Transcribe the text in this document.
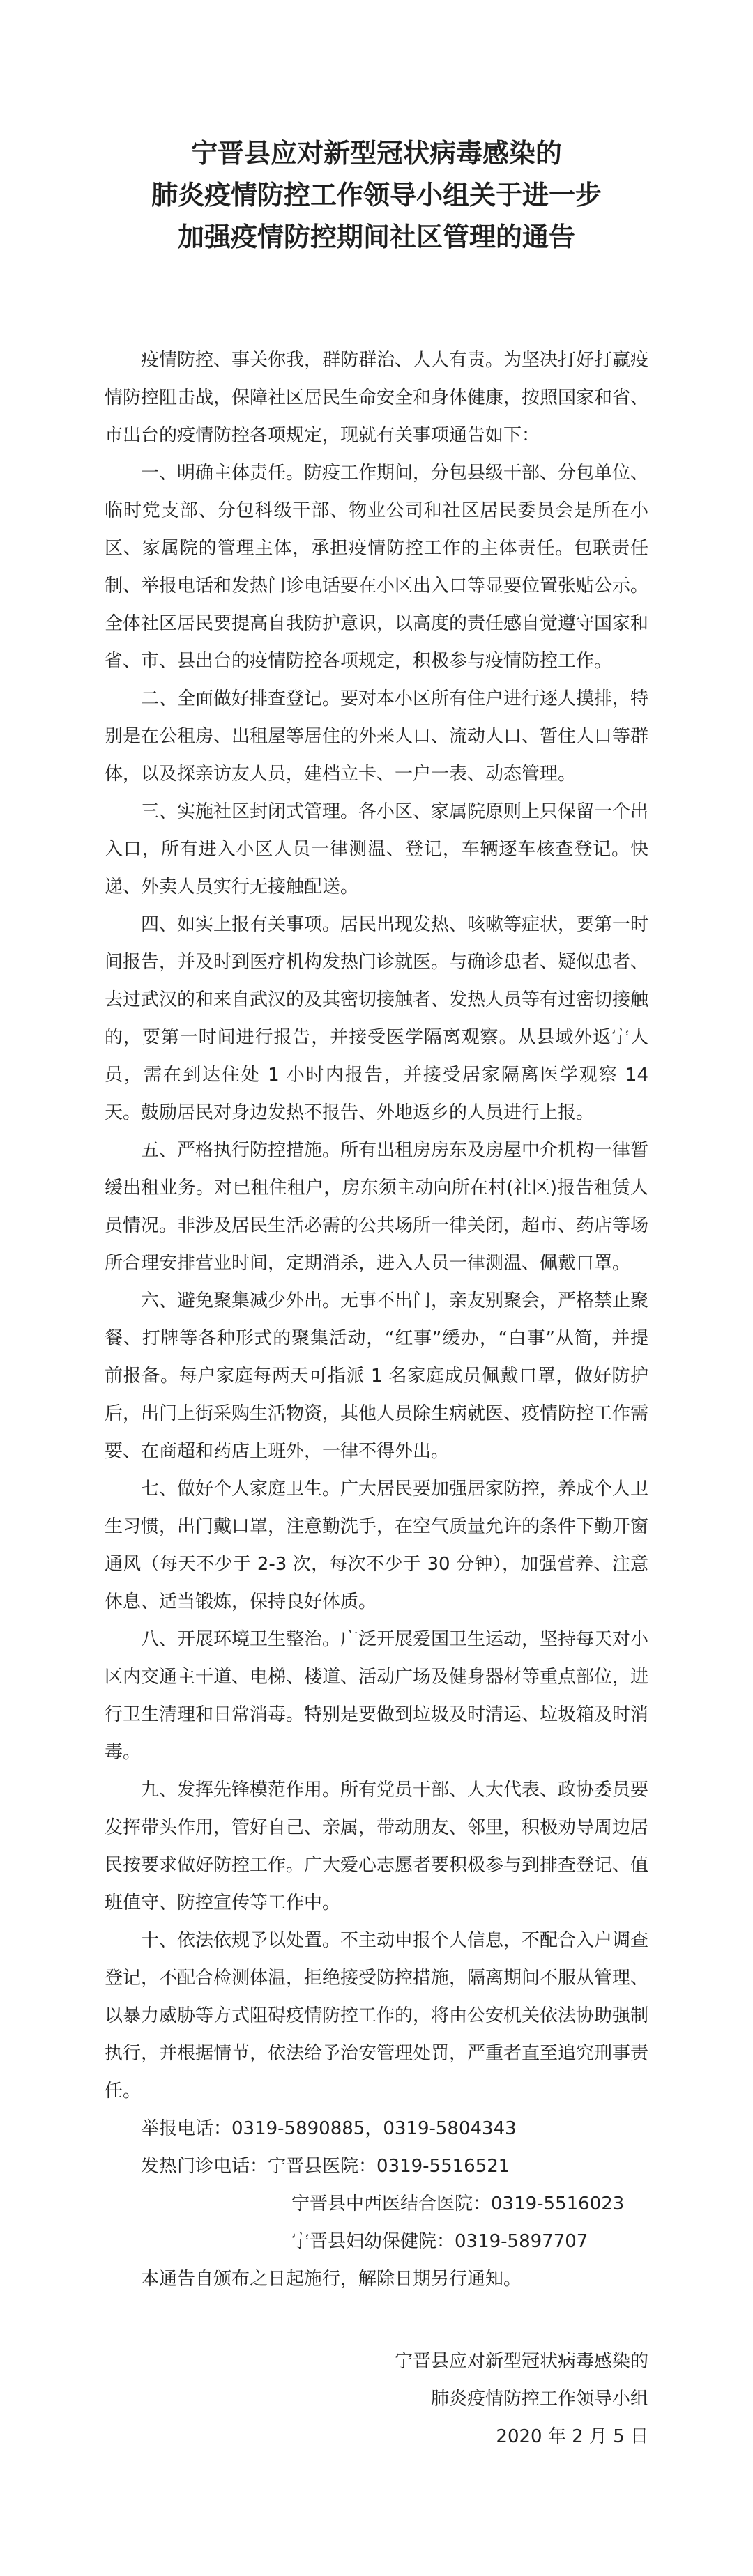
宁晋县应对新型冠状病毒感染的
肺炎疫情防控工作领导小组关于进一步
加强疫情防控期间社区管理的通告

疫情防控、事关你我，群防群治、人人有责。为坚决打好打赢疫情防控阻击战，保障社区居民生命安全和身体健康，按照国家和省、市出台的疫情防控各项规定，现就有关事项通告如下：

一、明确主体责任。防疫工作期间，分包县级干部、分包单位、临时党支部、分包科级干部、物业公司和社区居民委员会是所在小区、家属院的管理主体，承担疫情防控工作的主体责任。包联责任制、举报电话和发热门诊电话要在小区出入口等显要位置张贴公示。全体社区居民要提高自我防护意识，以高度的责任感自觉遵守国家和省、市、县出台的疫情防控各项规定，积极参与疫情防控工作。

二、全面做好排查登记。要对本小区所有住户进行逐人摸排，特别是在公租房、出租屋等居住的外来人口、流动人口、暂住人口等群体，以及探亲访友人员，建档立卡、一户一表、动态管理。

三、实施社区封闭式管理。各小区、家属院原则上只保留一个出入口，所有进入小区人员一律测温、登记，车辆逐车核查登记。快递、外卖人员实行无接触配送。

四、如实上报有关事项。居民出现发热、咳嗽等症状，要第一时间报告，并及时到医疗机构发热门诊就医。与确诊患者、疑似患者、去过武汉的和来自武汉的及其密切接触者、发热人员等有过密切接触的，要第一时间进行报告，并接受医学隔离观察。从县域外返宁人员，需在到达住处 1 小时内报告，并接受居家隔离医学观察 14 天。鼓励居民对身边发热不报告、外地返乡的人员进行上报。

五、严格执行防控措施。所有出租房房东及房屋中介机构一律暂缓出租业务。对已租住租户，房东须主动向所在村(社区)报告租赁人员情况。非涉及居民生活必需的公共场所一律关闭，超市、药店等场所合理安排营业时间，定期消杀，进入人员一律测温、佩戴口罩。

六、避免聚集减少外出。无事不出门，亲友别聚会，严格禁止聚餐、打牌等各种形式的聚集活动，“红事”缓办，“白事”从简，并提前报备。每户家庭每两天可指派 1 名家庭成员佩戴口罩，做好防护后，出门上街采购生活物资，其他人员除生病就医、疫情防控工作需要、在商超和药店上班外，一律不得外出。

七、做好个人家庭卫生。广大居民要加强居家防控，养成个人卫生习惯，出门戴口罩，注意勤洗手，在空气质量允许的条件下勤开窗通风（每天不少于 2-3 次，每次不少于 30 分钟），加强营养、注意休息、适当锻炼，保持良好体质。

八、开展环境卫生整治。广泛开展爱国卫生运动，坚持每天对小区内交通主干道、电梯、楼道、活动广场及健身器材等重点部位，进行卫生清理和日常消毒。特别是要做到垃圾及时清运、垃圾箱及时消毒。

九、发挥先锋模范作用。所有党员干部、人大代表、政协委员要发挥带头作用，管好自己、亲属，带动朋友、邻里，积极劝导周边居民按要求做好防控工作。广大爱心志愿者要积极参与到排查登记、值班值守、防控宣传等工作中。

十、依法依规予以处置。不主动申报个人信息，不配合入户调查登记，不配合检测体温，拒绝接受防控措施，隔离期间不服从管理、以暴力威胁等方式阻碍疫情防控工作的，将由公安机关依法协助强制执行，并根据情节，依法给予治安管理处罚，严重者直至追究刑事责任。

举报电话：0319-5890885，0319-5804343

发热门诊电话：宁晋县医院：0319-5516521

宁晋县中西医结合医院：0319-5516023

宁晋县妇幼保健院：0319-5897707

本通告自颁布之日起施行，解除日期另行通知。

宁晋县应对新型冠状病毒感染的
肺炎疫情防控工作领导小组
2020 年 2 月 5 日
